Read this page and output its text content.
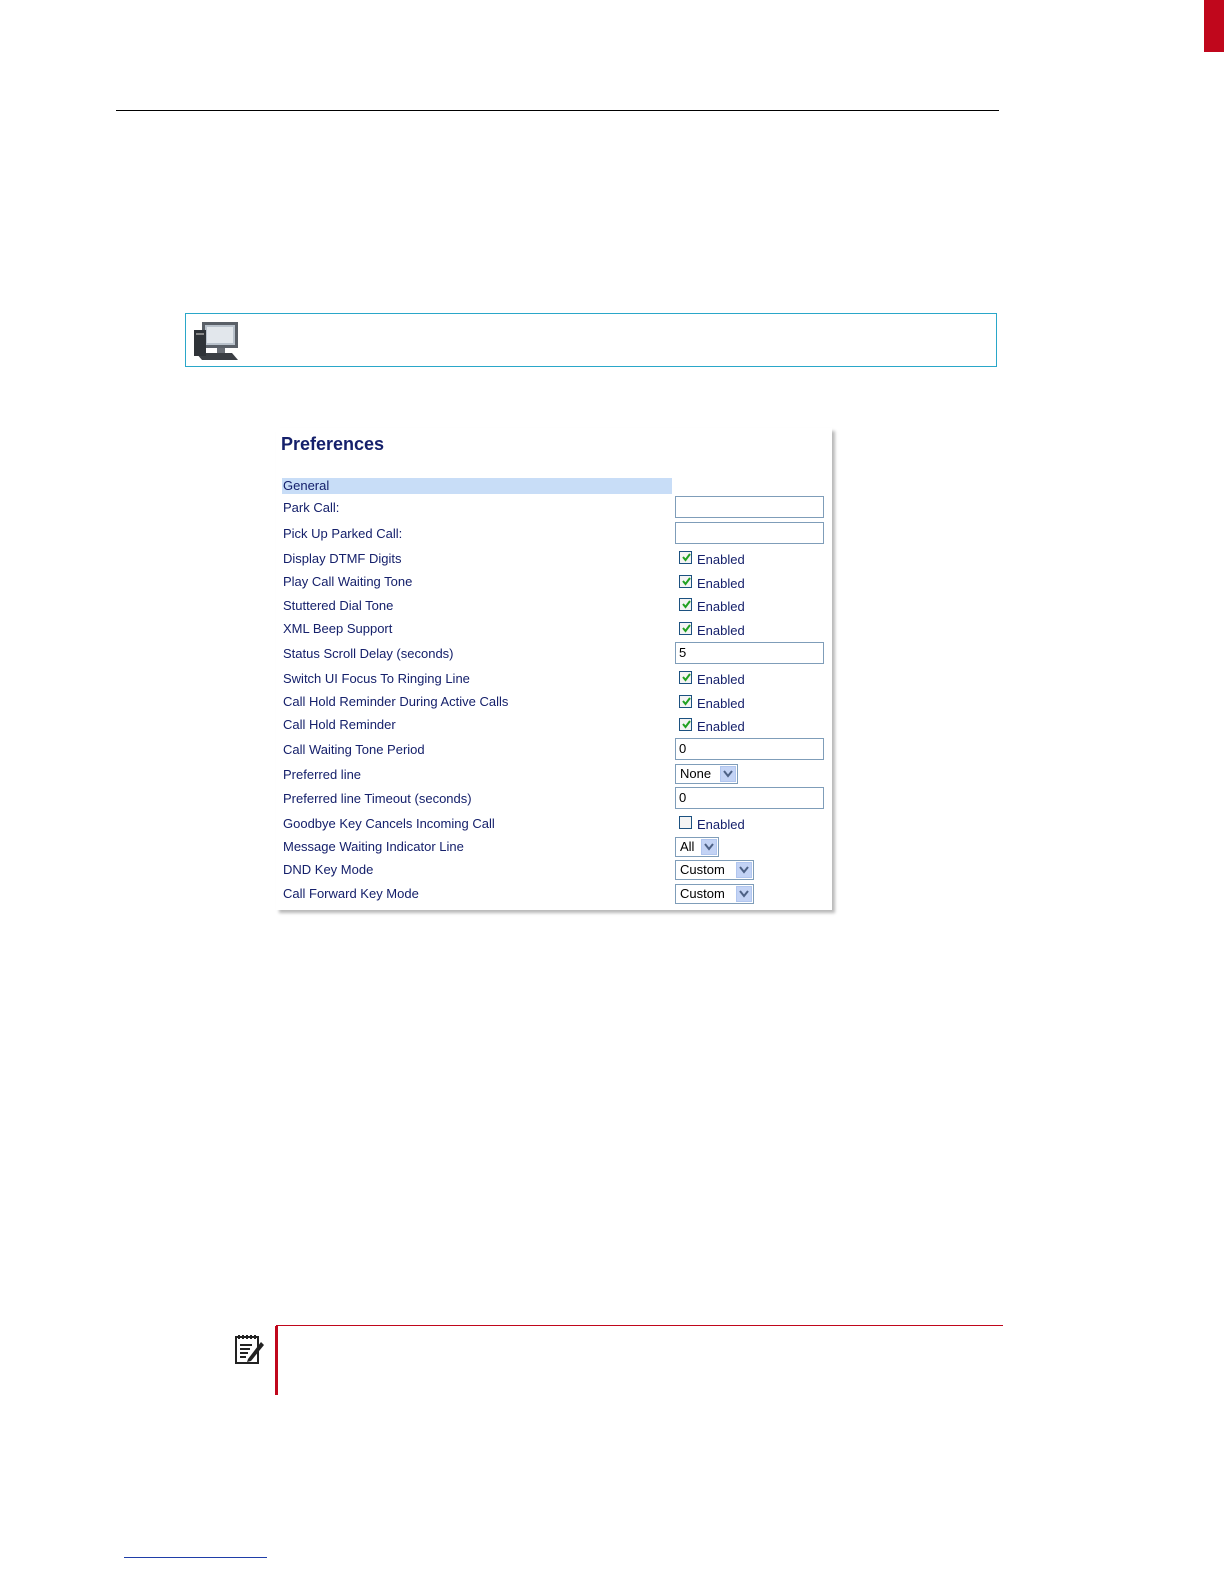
Preferences
General
Park Call:
Pick Up Parked Call:
Display DTMF Digits	Enabled
Play Call Waiting Tone	Enabled
Stuttered Dial Tone	Enabled
XML Beep Support	Enabled
Status Scroll Delay (seconds)	5
Switch UI Focus To Ringing Line	Enabled
Call Hold Reminder During Active Calls	Enabled
Call Hold Reminder	Enabled
Call Waiting Tone Period	0
Preferred line	None
Preferred line Timeout (seconds)	0
Goodbye Key Cancels Incoming Call	Enabled
Message Waiting Indicator Line	All
DND Key Mode	Custom
Call Forward Key Mode	Custom
